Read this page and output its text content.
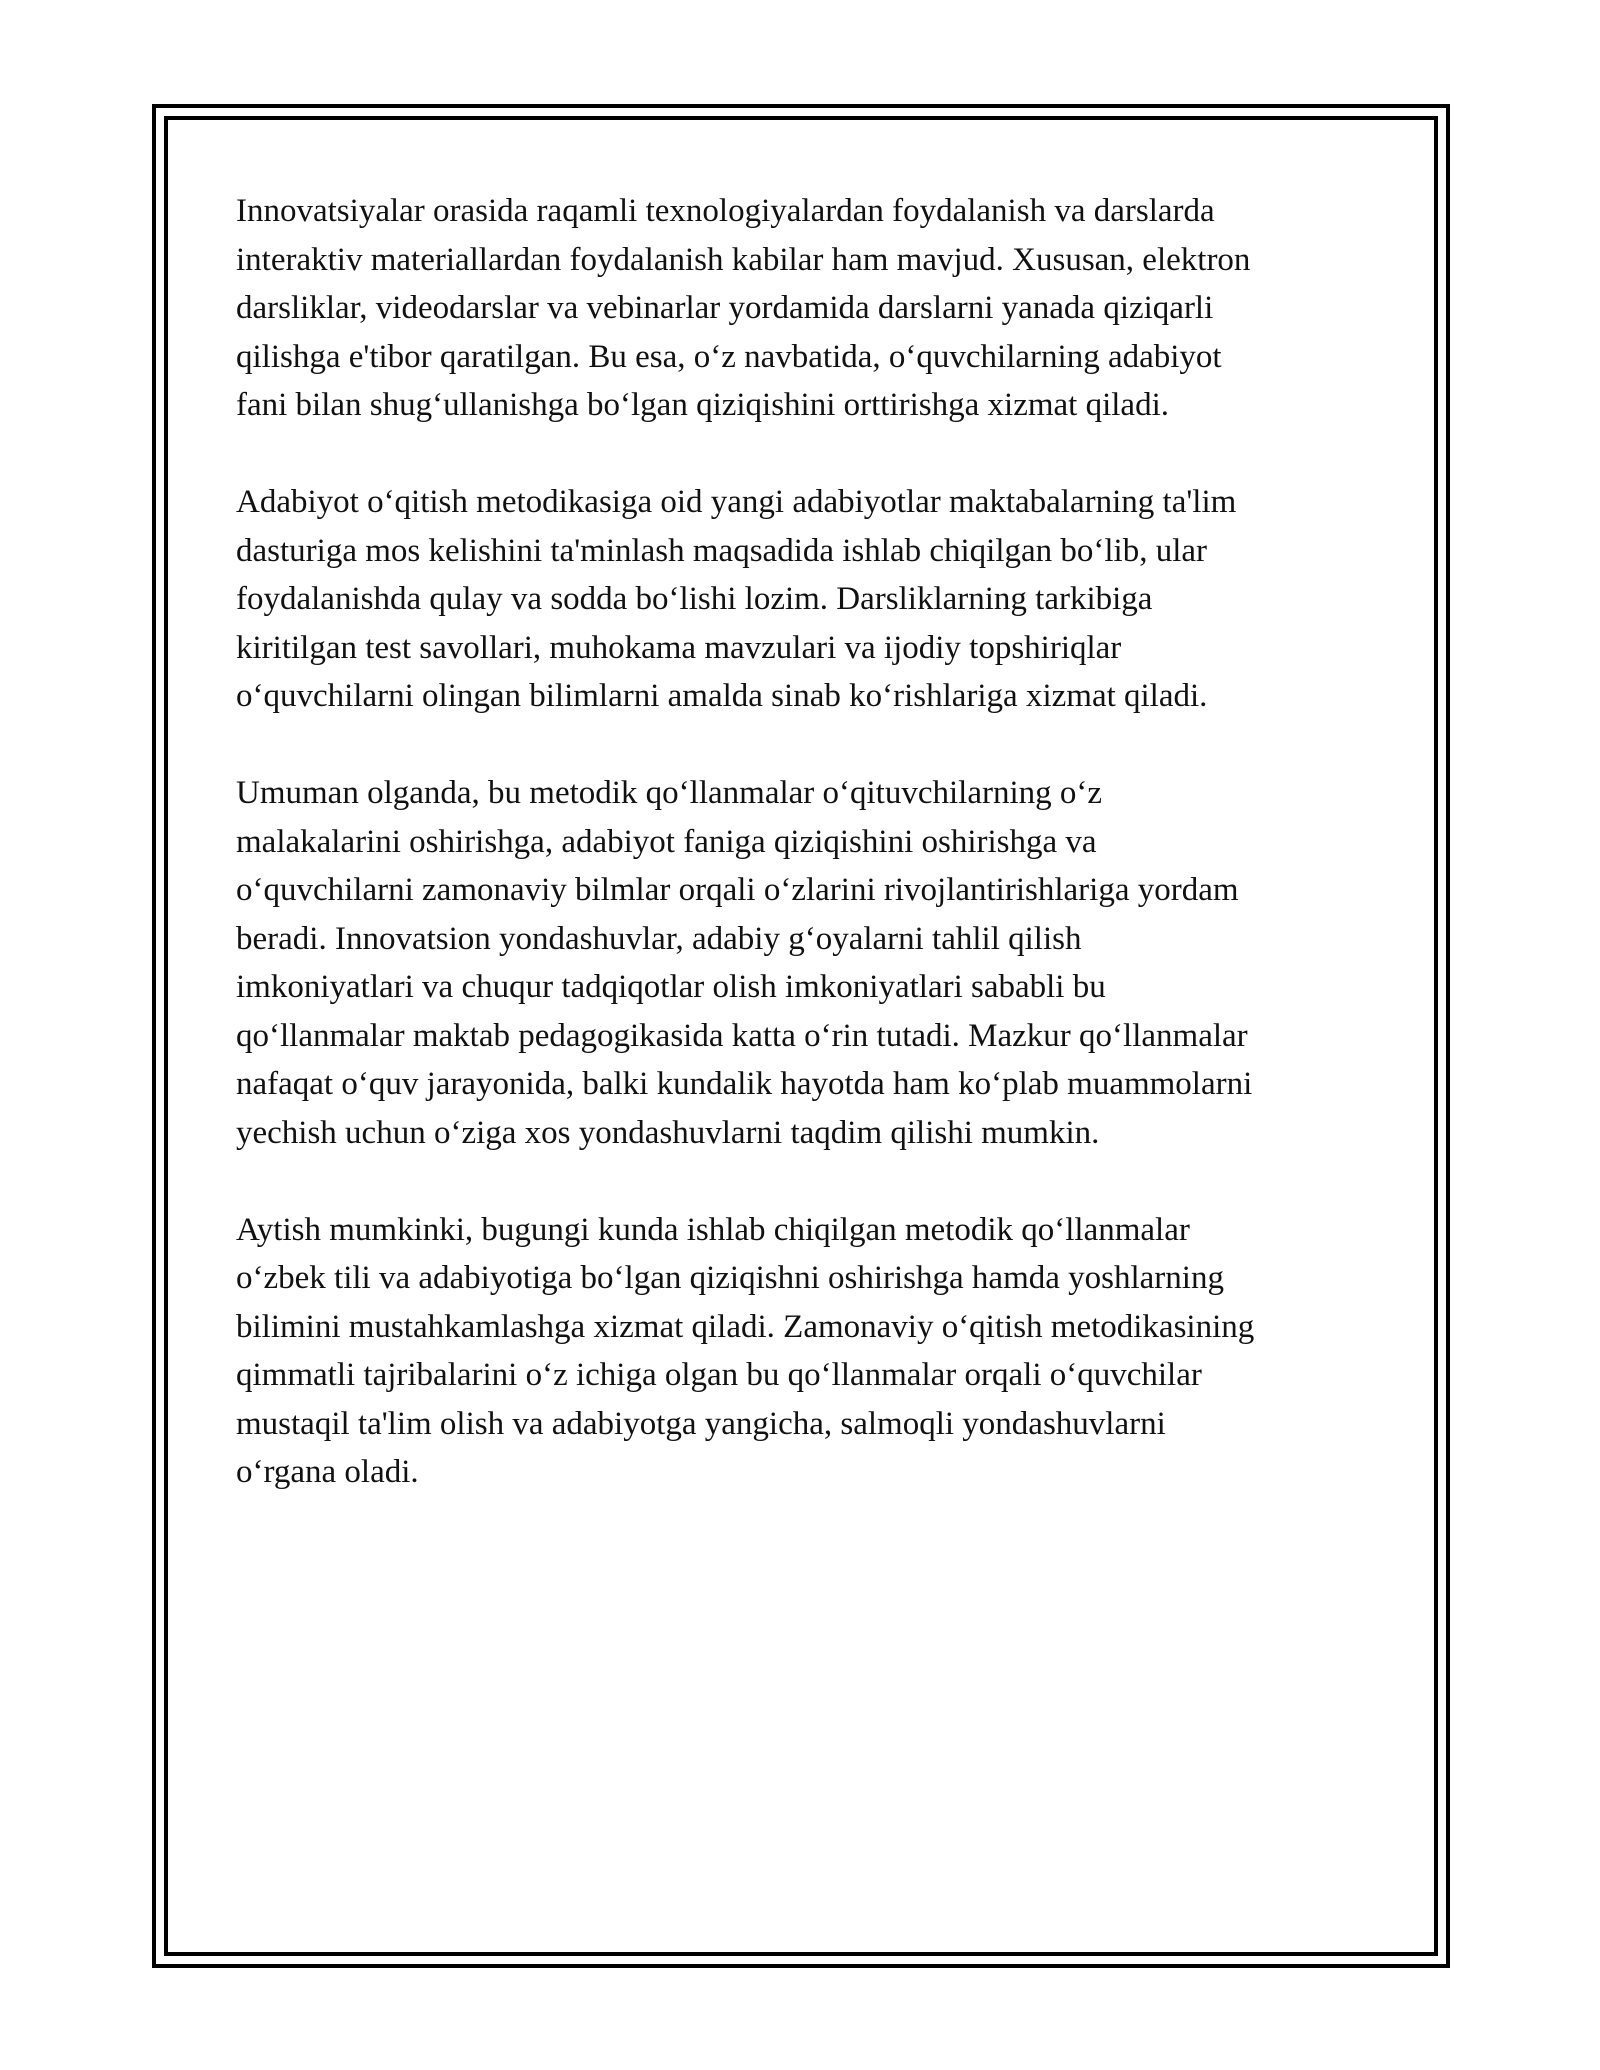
Innovatsiyalar orasida raqamli texnologiyalardan foydalanish va darslarda
interaktiv materiallardan foydalanish kabilar ham mavjud. Xususan, elektron
darsliklar, videodarslar va vebinarlar yordamida darslarni yanada qiziqarli
qilishga e'tibor qaratilgan. Bu esa, oʻz navbatida, oʻquvchilarning adabiyot
fani bilan shugʻullanishga boʻlgan qiziqishini orttirishga xizmat qiladi.

Adabiyot oʻqitish metodikasiga oid yangi adabiyotlar maktabalarning ta'lim
dasturiga mos kelishini ta'minlash maqsadida ishlab chiqilgan boʻlib, ular
foydalanishda qulay va sodda boʻlishi lozim. Darsliklarning tarkibiga
kiritilgan test savollari, muhokama mavzulari va ijodiy topshiriqlar
oʻquvchilarni olingan bilimlarni amalda sinab koʻrishlariga xizmat qiladi.

Umuman olganda, bu metodik qoʻllanmalar oʻqituvchilarning oʻz
malakalarini oshirishga, adabiyot faniga qiziqishini oshirishga va
oʻquvchilarni zamonaviy bilmlar orqali oʻzlarini rivojlantirishlariga yordam
beradi. Innovatsion yondashuvlar, adabiy gʻoyalarni tahlil qilish
imkoniyatlari va chuqur tadqiqotlar olish imkoniyatlari sababli bu
qoʻllanmalar maktab pedagogikasida katta oʻrin tutadi. Mazkur qoʻllanmalar
nafaqat oʻquv jarayonida, balki kundalik hayotda ham koʻplab muammolarni
yechish uchun oʻziga xos yondashuvlarni taqdim qilishi mumkin.

Aytish mumkinki, bugungi kunda ishlab chiqilgan metodik qoʻllanmalar
oʻzbek tili va adabiyotiga boʻlgan qiziqishni oshirishga hamda yoshlarning
bilimini mustahkamlashga xizmat qiladi. Zamonaviy oʻqitish metodikasining
qimmatli tajribalarini oʻz ichiga olgan bu qoʻllanmalar orqali oʻquvchilar
mustaqil ta'lim olish va adabiyotga yangicha, salmoqli yondashuvlarni
oʻrgana oladi.
